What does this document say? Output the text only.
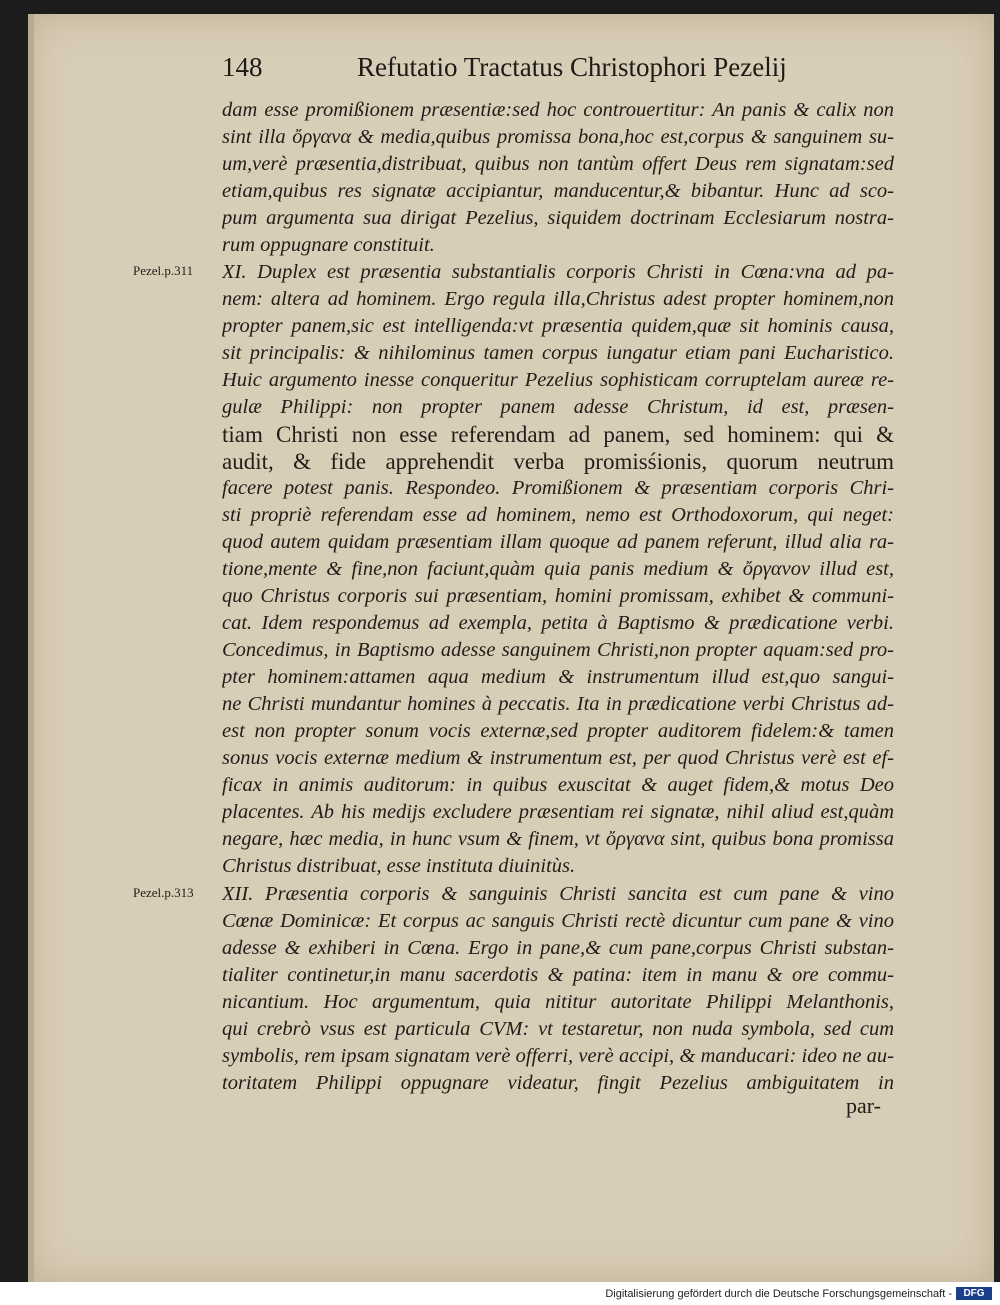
148	Refutatio Tractatus Christophori Pezelij
Pezel.p.311
Pezel.p.313
dam esse promißionem præsentiæ:sed hoc controuertitur: An panis & calix non
sint illa ὄργανα & media,quibus promissa bona,hoc est,corpus & sanguinem su-
um,verè præsentia,distribuat, quibus non tantùm offert Deus rem signatam:sed
etiam,quibus res signatæ accipiantur, manducentur,& bibantur. Hunc ad sco-
pum argumenta sua dirigat Pezelius, siquidem doctrinam Ecclesiarum nostra-
rum oppugnare constituit.
XI. Duplex est præsentia substantialis corporis Christi in Cœna:vna ad pa-
nem: altera ad hominem. Ergo regula illa,Christus adest propter hominem,non
propter panem,sic est intelligenda:vt præsentia quidem,quæ sit hominis causa,
sit principalis: & nihilominus tamen corpus iungatur etiam pani Eucharistico.
Huic argumento inesse conqueritur Pezelius sophisticam corruptelam aureæ re-
gulæ Philippi: non propter panem adesse Christum, id est, præsen-
tiam Christi non esse referendam ad panem, sed hominem: qui &
audit, & fide apprehendit verba promisśionis, quorum neutrum
facere potest panis. Respondeo. Promißionem & præsentiam corporis Chri-
sti propriè referendam esse ad hominem, nemo est Orthodoxorum, qui neget:
quod autem quidam præsentiam illam quoque ad panem referunt, illud alia ra-
tione,mente & fine,non faciunt,quàm quia panis medium & ὄργανον illud est,
quo Christus corporis sui præsentiam, homini promissam, exhibet & communi-
cat. Idem respondemus ad exempla, petita à Baptismo & prædicatione verbi.
Concedimus, in Baptismo adesse sanguinem Christi,non propter aquam:sed pro-
pter hominem:attamen aqua medium & instrumentum illud est,quo sangui-
ne Christi mundantur homines à peccatis. Ita in prædicatione verbi Christus ad-
est non propter sonum vocis externæ,sed propter auditorem fidelem:& tamen
sonus vocis externæ medium & instrumentum est, per quod Christus verè est ef-
ficax in animis auditorum: in quibus exuscitat & auget fidem,& motus Deo
placentes. Ab his medijs excludere præsentiam rei signatæ, nihil aliud est,quàm
negare, hæc media, in hunc vsum & finem, vt ὄργανα sint, quibus bona promissa
Christus distribuat, esse instituta diuinitùs.
XII. Præsentia corporis & sanguinis Christi sancita est cum pane & vino
Cœnæ Dominicæ: Et corpus ac sanguis Christi rectè dicuntur cum pane & vino
adesse & exhiberi in Cœna. Ergo in pane,& cum pane,corpus Christi substan-
tialiter continetur,in manu sacerdotis & patina: item in manu & ore commu-
nicantium. Hoc argumentum, quia nititur autoritate Philippi Melanthonis,
qui crebrò vsus est particula CVM: vt testaretur, non nuda symbola, sed cum
symbolis, rem ipsam signatam verè offerri, verè accipi, & manducari: ideo ne au-
toritatem Philippi oppugnare videatur, fingit Pezelius ambiguitatem in
par-
Digitalisierung gefördert durch die Deutsche Forschungsgemeinschaft -	DFG
